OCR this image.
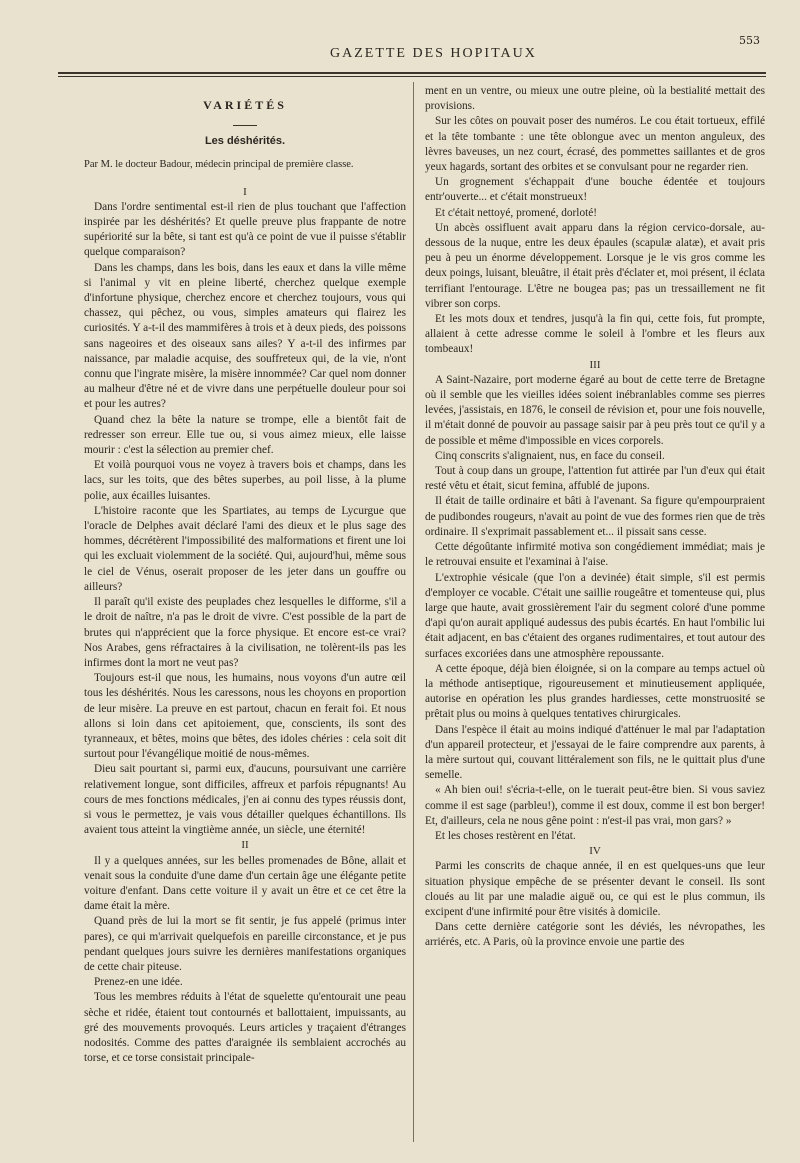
GAZETTE DES HOPITAUX
553
VARIÉTÉS
Les déshérités.

Par M. le docteur Badour, médecin principal de première classe.

I

Dans l'ordre sentimental est-il rien de plus touchant que l'affection inspirée par les déshérités? Et quelle preuve plus frappante de notre supériorité sur la bête, si tant est qu'à ce point de vue il puisse s'établir quelque comparaison?

Dans les champs, dans les bois, dans les eaux et dans la ville même si l'animal y vit en pleine liberté, cherchez quelque exemple d'infortune physique, cherchez encore et cherchez toujours, vous qui chassez, qui pêchez, ou vous, simples amateurs qui flairez les curiosités. Y a-t-il des mammifères à trois et à deux pieds, des poissons sans nageoires et des oiseaux sans ailes? Y a-t-il des infirmes par naissance, par maladie acquise, des souffreteux qui, de la vie, n'ont connu que l'ingrate misère, la misère innommée? Car quel nom donner au malheur d'être né et de vivre dans une perpétuelle douleur pour soi et pour les autres?

Quand chez la bête la nature se trompe, elle a bientôt fait de redresser son erreur. Elle tue ou, si vous aimez mieux, elle laisse mourir : c'est la sélection au premier chef.

Et voilà pourquoi vous ne voyez à travers bois et champs, dans les lacs, sur les toits, que des bêtes superbes, au poil lisse, à la plume polie, aux écailles luisantes.

L'histoire raconte que les Spartiates, au temps de Lycurgue que l'oracle de Delphes avait déclaré l'ami des dieux et le plus sage des hommes, décrétèrent l'impossibilité des malformations et firent une loi qui les excluait violemment de la société. Qui, aujourd'hui, même sous le ciel de Vénus, oserait proposer de les jeter dans un gouffre ou ailleurs?

Il paraît qu'il existe des peuplades chez lesquelles le difforme, s'il a le droit de naître, n'a pas le droit de vivre. C'est possible de la part de brutes qui n'apprécient que la force physique. Et encore est-ce vrai? Nos Arabes, gens réfractaires à la civilisation, ne tolèrent-ils pas les infirmes dont la mort ne veut pas?

Toujours est-il que nous, les humains, nous voyons d'un autre œil tous les déshérités. Nous les caressons, nous les choyons en proportion de leur misère. La preuve en est partout, chacun en ferait foi. Et nous allons si loin dans cet apitoiement, que, conscients, ils sont des tyranneaux, et bêtes, moins que bêtes, des idoles chéries : cela soit dit surtout pour l'évangélique moitié de nous-mêmes.

Dieu sait pourtant si, parmi eux, d'aucuns, poursuivant une carrière relativement longue, sont difficiles, affreux et parfois répugnants! Au cours de mes fonctions médicales, j'en ai connu des types réussis dont, si vous le permettez, je vais vous détailler quelques échantillons. Ils avaient tous atteint la vingtième année, un siècle, une éternité!

II

Il y a quelques années, sur les belles promenades de Bône, allait et venait sous la conduite d'une dame d'un certain âge une élégante petite voiture d'enfant. Dans cette voiture il y avait un être et ce cet être la dame était la mère.

Quand près de lui la mort se fit sentir, je fus appelé (primus inter pares), ce qui m'arrivait quelquefois en pareille circonstance, et je pus pendant quelques jours suivre les dernières manifestations organiques de cette chair piteuse.

Prenez-en une idée.

Tous les membres réduits à l'état de squelette qu'entourait une peau sèche et ridée, étaient tout contournés et ballottaient, impuissants, au gré des mouvements provoqués. Leurs articles y traçaient d'étranges nodosités. Comme des pattes d'araignée ils semblaient accrochés au torse, et ce torse consistait principale-

ment en un ventre, ou mieux une outre pleine, où la bestialité mettait des provisions.

Sur les côtes on pouvait poser des numéros. Le cou était tortueux, effilé et la tête tombante : une tête oblongue avec un menton anguleux, des lèvres baveuses, un nez court, écrasé, des pommettes saillantes et de gros yeux hagards, sortant des orbites et se convulsant pour ne regarder rien.

Un grognement s'échappait d'une bouche édentée et toujours entr'ouverte... et c'était monstrueux!

Et c'était nettoyé, promené, dorloté!

Un abcès ossifluent avait apparu dans la région cervico-dorsale, au-dessous de la nuque, entre les deux épaules (scapulæ alatæ), et avait pris peu à peu un énorme développement. Lorsque je le vis gros comme les deux poings, luisant, bleuâtre, il était près d'éclater et, moi présent, il éclata terrifiant l'entourage. L'être ne bougea pas; pas un tressaillement ne fit vibrer son corps.

Et les mots doux et tendres, jusqu'à la fin qui, cette fois, fut prompte, allaient à cette adresse comme le soleil à l'ombre et les fleurs aux tombeaux!

III

A Saint-Nazaire, port moderne égaré au bout de cette terre de Bretagne où il semble que les vieilles idées soient inébranlables comme ses pierres levées, j'assistais, en 1876, le conseil de révision et, pour une fois nouvelle, il m'était donné de pouvoir au passage saisir par à peu près tout ce qu'il y a de possible et même d'impossible en vices corporels.

Cinq conscrits s'alignaient, nus, en face du conseil.

Tout à coup dans un groupe, l'attention fut attirée par l'un d'eux qui était resté vêtu et était, sicut femina, affublé de jupons.

Il était de taille ordinaire et bâti à l'avenant. Sa figure qu'empourpraient de pudibondes rougeurs, n'avait au point de vue des formes rien que de très ordinaire. Il s'exprimait passablement et... il pissait sans cesse.

Cette dégoûtante infirmité motiva son congédiement immédiat; mais je le retrouvai ensuite et l'examinai à l'aise.

L'extrophie vésicale (que l'on a devinée) était simple, s'il est permis d'employer ce vocable. C'était une saillie rougeâtre et tomenteuse qui, plus large que haute, avait grossièrement l'air du segment coloré d'une pomme d'api qu'on aurait appliqué audessus des pubis écartés. En haut l'ombilic lui était adjacent, en bas c'étaient des organes rudimentaires, et tout autour des surfaces excoriées dans une atmosphère repoussante.

A cette époque, déjà bien éloignée, si on la compare au temps actuel où la méthode antiseptique, rigoureusement et minutieusement appliquée, autorise en opération les plus grandes hardiesses, cette monstruosité se prêtait plus ou moins à quelques tentatives chirurgicales.

Dans l'espèce il était au moins indiqué d'atténuer le mal par l'adaptation d'un appareil protecteur, et j'essayai de le faire comprendre aux parents, à la mère surtout qui, couvant littéralement son fils, ne le quittait plus d'une semelle.

« Ah bien oui! s'écria-t-elle, on le tuerait peut-être bien. Si vous saviez comme il est sage (parbleu!), comme il est doux, comme il est bon berger! Et, d'ailleurs, cela ne nous gêne point : n'est-il pas vrai, mon gars? »

Et les choses restèrent en l'état.

IV

Parmi les conscrits de chaque année, il en est quelques-uns que leur situation physique empêche de se présenter devant le conseil. Ils sont cloués au lit par une maladie aiguë ou, ce qui est le plus commun, ils excipent d'une infirmité pour être visités à domicile.

Dans cette dernière catégorie sont les déviés, les névropathes, les arriérés, etc. A Paris, où la province envoie une partie des
